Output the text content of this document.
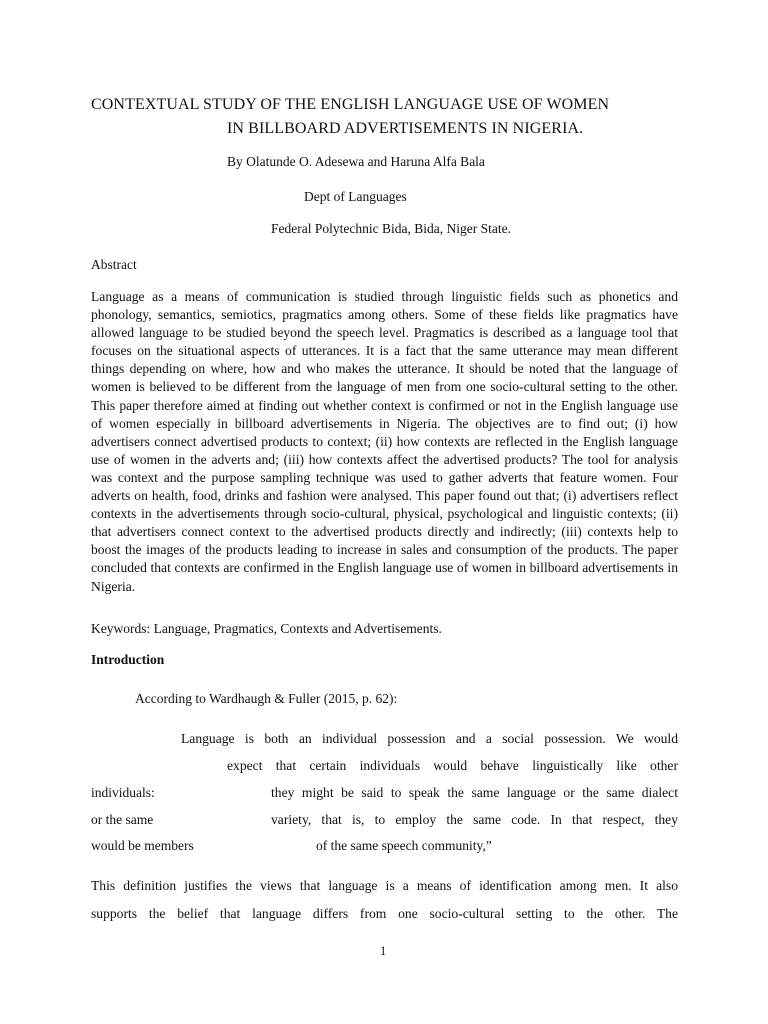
CONTEXTUAL STUDY OF THE ENGLISH LANGUAGE USE OF WOMEN
IN BILLBOARD ADVERTISEMENTS IN NIGERIA.
By Olatunde O. Adesewa and Haruna Alfa Bala
Dept of Languages
Federal Polytechnic Bida, Bida, Niger State.
Abstract
Language as a means of communication is studied through linguistic fields such as phonetics and phonology, semantics, semiotics, pragmatics among others. Some of these fields like pragmatics have allowed language to be studied beyond the speech level. Pragmatics is described as a language tool that focuses on the situational aspects of utterances. It is a fact that the same utterance may mean different things depending on where, how and who makes the utterance. It should be noted that the language of women is believed to be different from the language of men from one socio-cultural setting to the other. This paper therefore aimed at finding out whether context is confirmed or not in the English language use of women especially in billboard advertisements in Nigeria. The objectives are to find out; (i) how advertisers connect advertised products to context; (ii) how contexts are reflected in the English language use of women in the adverts and; (iii) how contexts affect the advertised products? The tool for analysis was context and the purpose sampling technique was used to gather adverts that feature women. Four adverts on health, food, drinks and fashion were analysed. This paper found out that; (i) advertisers reflect contexts in the advertisements through socio-cultural, physical, psychological and linguistic contexts; (ii) that advertisers connect context to the advertised products directly and indirectly; (iii) contexts help to boost the images of the products leading to increase in sales and consumption of the products. The paper concluded that contexts are confirmed in the English language use of women in billboard advertisements in Nigeria.
Keywords: Language, Pragmatics, Contexts and Advertisements.
Introduction
According to Wardhaugh & Fuller (2015, p. 62):
Language is both an individual possession and a social possession. We would
expect that certain individuals would behave linguistically like other
individuals:	they might be said to speak the same language or the same dialect
or the same	variety, that is, to employ the same code. In that respect, they
would be members	of the same speech community,”
This definition justifies the views that language is a means of identification among men. It also
supports the belief that language differs from one socio-cultural setting to the other. The
1
